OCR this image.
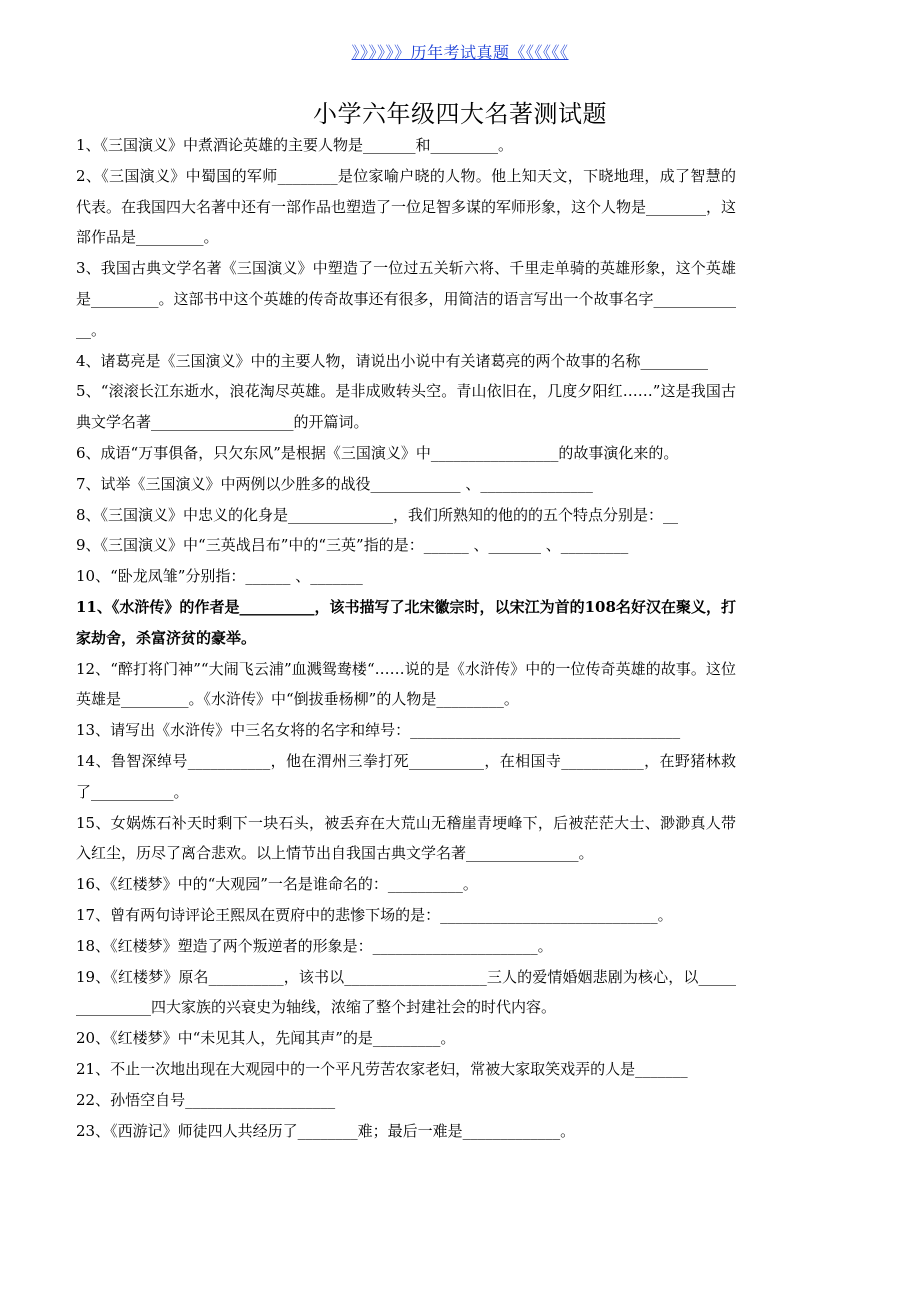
》》》》》》历年考试真题《《《《《《
小学六年级四大名著测试题

1、《三国演义》中煮酒论英雄的主要人物是_______和_________。

2、《三国演义》中蜀国的军师________是位家喻户晓的人物。他上知天文，下晓地理，成了智慧的代表。在我国四大名著中还有一部作品也塑造了一位足智多谋的军师形象，这个人物是________，这部作品是_________。

3、我国古典文学名著《三国演义》中塑造了一位过五关斩六将、千里走单骑的英雄形象，这个英雄是_________。这部书中这个英雄的传奇故事还有很多，用简洁的语言写出一个故事名字_____________。

4、诸葛亮是《三国演义》中的主要人物，请说出小说中有关诸葛亮的两个故事的名称_________

5、“滚滚长江东逝水，浪花淘尽英雄。是非成败转头空。青山依旧在，几度夕阳红……”这是我国古典文学名著___________________的开篇词。

6、成语“万事俱备，只欠东风”是根据《三国演义》中_________________的故事演化来的。

7、试举《三国演义》中两例以少胜多的战役____________ 、_______________

8、《三国演义》中忠义的化身是______________，我们所熟知的他的的五个特点分别是：__

9、《三国演义》中“三英战吕布”中的“三英”指的是：______ 、_______ 、_________

10、“卧龙凤雏”分别指：______ 、_______

11、《水浒传》的作者是__________，该书描写了北宋徽宗时，以宋江为首的108名好汉在聚义，打家劫舍，杀富济贫的豪举。

12、“醉打将门神”“大闹飞云浦”血溅鸳鸯楼“……说的是《水浒传》中的一位传奇英雄的故事。这位英雄是_________。《水浒传》中“倒拔垂杨柳”的人物是_________。

13、请写出《水浒传》中三名女将的名字和绰号：____________________________________

14、鲁智深绰号___________，他在渭州三拳打死__________，在相国寺___________，在野猪林救了___________。

15、女娲炼石补天时剩下一块石头，被丢弃在大荒山无稽崖青埂峰下，后被茫茫大士、渺渺真人带入红尘，历尽了离合悲欢。以上情节出自我国古典文学名著_______________。

16、《红楼梦》中的“大观园”一名是谁命名的：__________。

17、曾有两句诗评论王熙凤在贾府中的悲惨下场的是：_____________________________。

18、《红楼梦》塑造了两个叛逆者的形象是：______________________。

19、《红楼梦》原名__________，该书以___________________三人的爱情婚姻悲剧为核心，以_______________四大家族的兴衰史为轴线，浓缩了整个封建社会的时代内容。

20、《红楼梦》中“未见其人，先闻其声”的是_________。

21、不止一次地出现在大观园中的一个平凡劳苦农家老妇，常被大家取笑戏弄的人是_______

22、孙悟空自号____________________

23、《西游记》师徒四人共经历了________难；最后一难是_____________。
